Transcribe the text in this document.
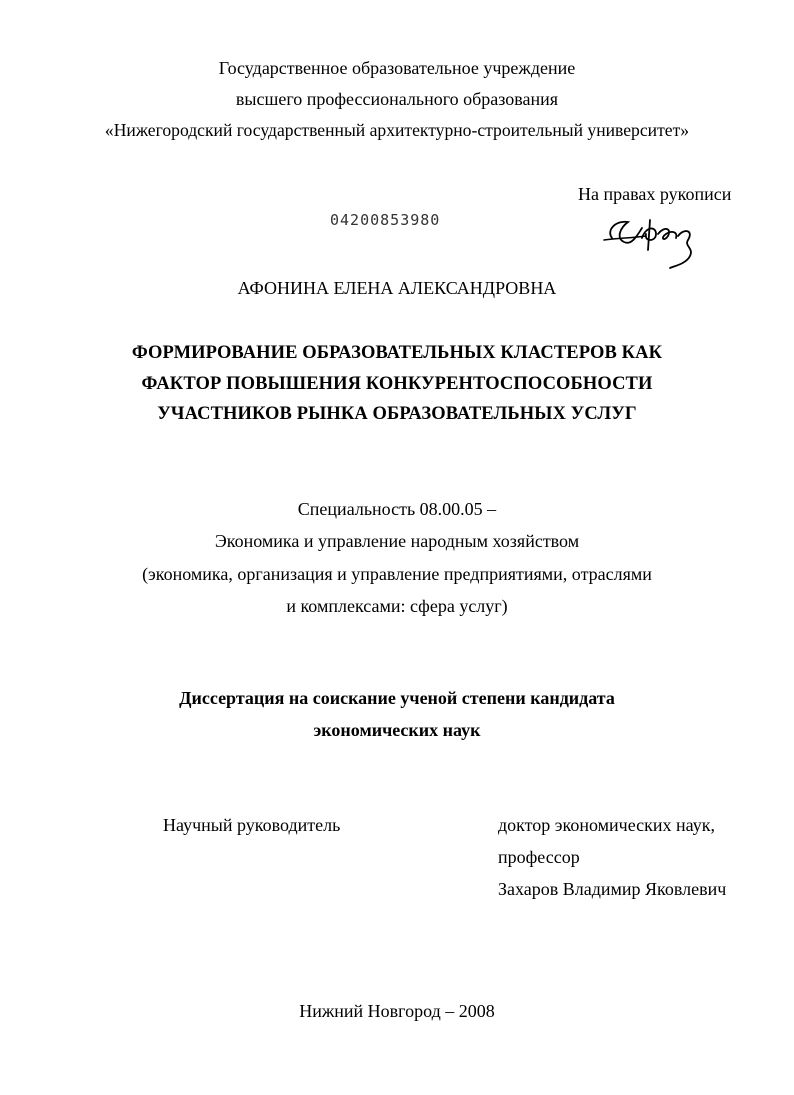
Государственное образовательное учреждение
высшего профессионального образования
«Нижегородский государственный архитектурно-строительный университет»
На правах рукописи
04200853980
АФОНИНА ЕЛЕНА АЛЕКСАНДРОВНА
ФОРМИРОВАНИЕ ОБРАЗОВАТЕЛЬНЫХ КЛАСТЕРОВ КАК
ФАКТОР ПОВЫШЕНИЯ КОНКУРЕНТОСПОСОБНОСТИ
УЧАСТНИКОВ РЫНКА ОБРАЗОВАТЕЛЬНЫХ УСЛУГ
Специальность 08.00.05 –
Экономика и управление народным хозяйством
(экономика, организация и управление предприятиями, отраслями
и комплексами: сфера услуг)
Диссертация на соискание ученой степени кандидата
экономических наук
Научный руководитель	доктор экономических наук,
профессор
Захаров Владимир Яковлевич
Нижний Новгород – 2008
